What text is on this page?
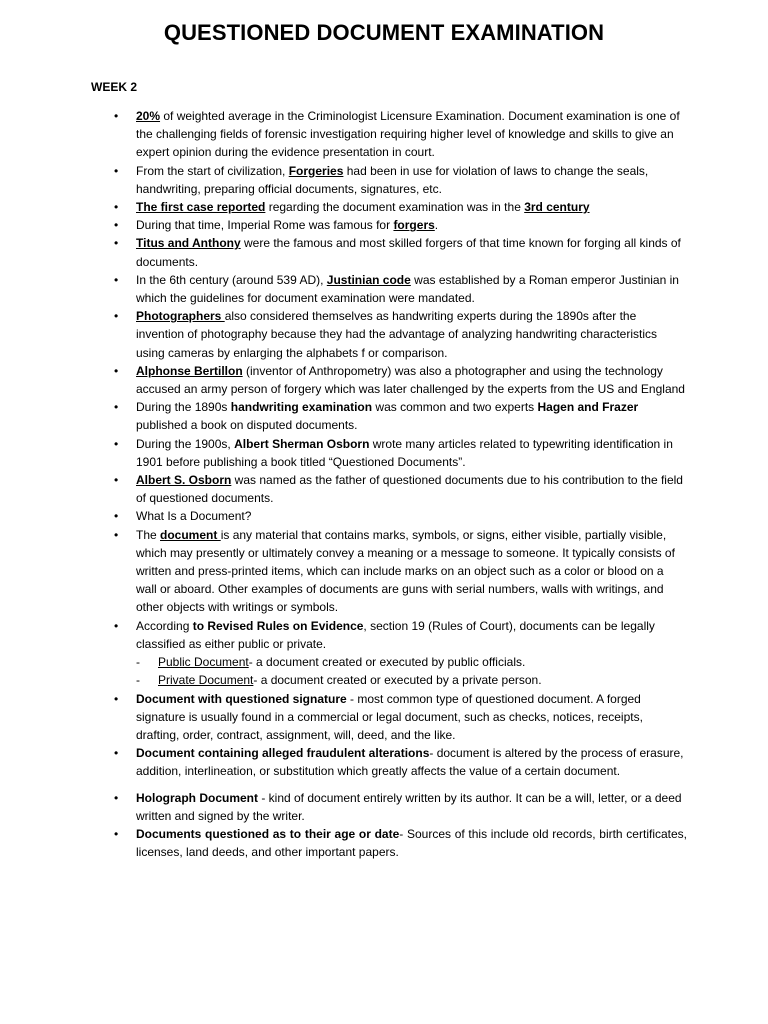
QUESTIONED DOCUMENT EXAMINATION
WEEK 2
• 20% of weighted average in the Criminologist Licensure Examination. Document examination is one of the challenging fields of forensic investigation requiring higher level of knowledge and skills to give an expert opinion during the evidence presentation in court.
• From the start of civilization, Forgeries had been in use for violation of laws to change the seals, handwriting, preparing official documents, signatures, etc.
• The first case reported regarding the document examination was in the 3rd century
• During that time, Imperial Rome was famous for forgers.
• Titus and Anthony were the famous and most skilled forgers of that time known for forging all kinds of documents.
• In the 6th century (around 539 AD), Justinian code was established by a Roman emperor Justinian in which the guidelines for document examination were mandated.
• Photographers also considered themselves as handwriting experts during the 1890s after the invention of photography because they had the advantage of analyzing handwriting characteristics using cameras by enlarging the alphabets f or comparison.
• Alphonse Bertillon (inventor of Anthropometry) was also a photographer and using the technology accused an army person of forgery which was later challenged by the experts from the US and England
• During the 1890s handwriting examination was common and two experts Hagen and Frazer published a book on disputed documents.
• During the 1900s, Albert Sherman Osborn wrote many articles related to typewriting identification in 1901 before publishing a book titled “Questioned Documents”.
• Albert S. Osborn was named as the father of questioned documents due to his contribution to the field of questioned documents.
• What Is a Document?
• The document is any material that contains marks, symbols, or signs, either visible, partially visible, which may presently or ultimately convey a meaning or a message to someone. It typically consists of written and press-printed items, which can include marks on an object such as a color or blood on a wall or aboard. Other examples of documents are guns with serial numbers, walls with writings, and other objects with writings or symbols.
• According to Revised Rules on Evidence, section 19 (Rules of Court), documents can be legally classified as either public or private.
- Public Document- a document created or executed by public officials.
- Private Document- a document created or executed by a private person.
• Document with questioned signature - most common type of questioned document. A forged signature is usually found in a commercial or legal document, such as checks, notices, receipts, drafting, order, contract, assignment, will, deed, and the like.
• Document containing alleged fraudulent alterations- document is altered by the process of erasure, addition, interlineation, or substitution which greatly affects the value of a certain document.
• Holograph Document - kind of document entirely written by its author. It can be a will, letter, or a deed written and signed by the writer.
• Documents questioned as to their age or date- Sources of this include old records, birth certificates, licenses, land deeds, and other important papers.
